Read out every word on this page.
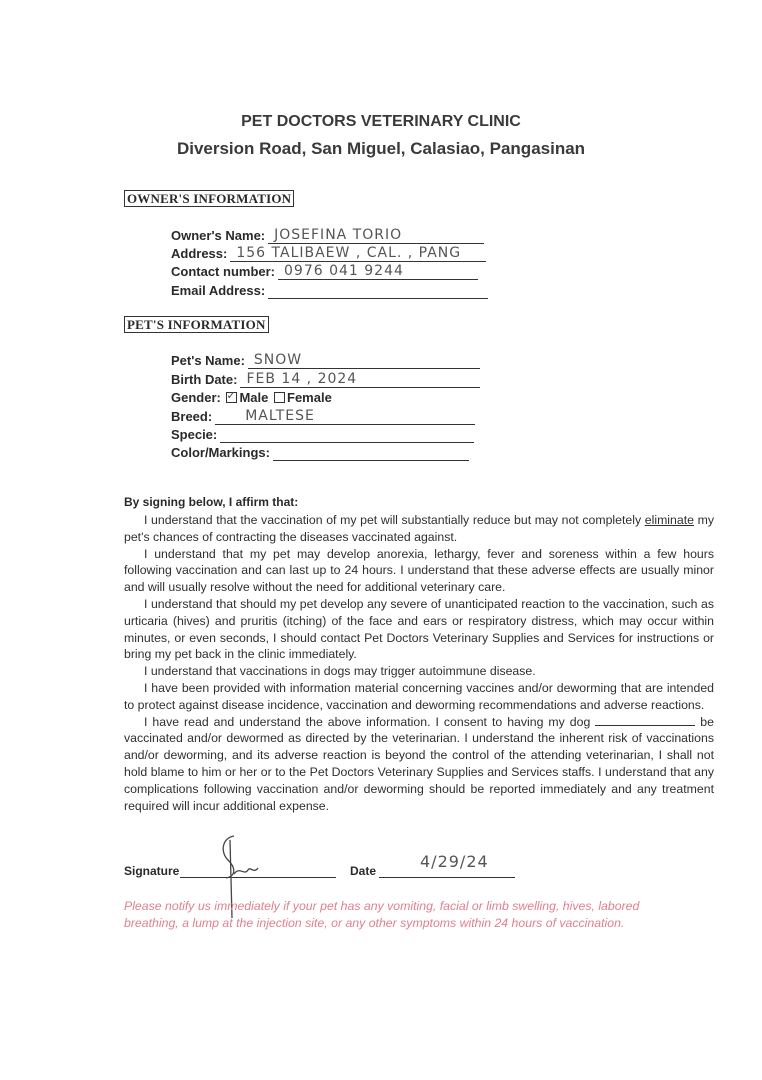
PET DOCTORS VETERINARY CLINIC
Diversion Road, San Miguel, Calasiao, Pangasinan
OWNER'S INFORMATION
Owner's Name: JOSEFINA TORIO
Address: 156 TALIBAEW , CAL. , PANG
Contact number: 0976 041 9244
Email Address:
PET'S INFORMATION
Pet's Name: SNOW
Birth Date: FEB 14 , 2024
Gender: ✓ Male Female
Breed: MALTESE
Specie:
Color/Markings:
By signing below, I affirm that:

I understand that the vaccination of my pet will substantially reduce but may not completely eliminate my pet's chances of contracting the diseases vaccinated against.

I understand that my pet may develop anorexia, lethargy, fever and soreness within a few hours following vaccination and can last up to 24 hours. I understand that these adverse effects are usually minor and will usually resolve without the need for additional veterinary care.

I understand that should my pet develop any severe of unanticipated reaction to the vaccination, such as urticaria (hives) and pruritis (itching) of the face and ears or respiratory distress, which may occur within minutes, or even seconds, I should contact Pet Doctors Veterinary Supplies and Services for instructions or bring my pet back in the clinic immediately.

I understand that vaccinations in dogs may trigger autoimmune disease.

I have been provided with information material concerning vaccines and/or deworming that are intended to protect against disease incidence, vaccination and deworming recommendations and adverse reactions.

I have read and understand the above information. I consent to having my dog	be vaccinated and/or dewormed as directed by the veterinarian. I understand the inherent risk of vaccinations and/or deworming, and its adverse reaction is beyond the control of the attending veterinarian, I shall not hold blame to him or her or to the Pet Doctors Veterinary Supplies and Services staffs. I understand that any complications following vaccination and/or deworming should be reported immediately and any treatment required will incur additional expense.

Signature	Date	4/29/24
Please notify us immediately if your pet has any vomiting, facial or limb swelling, hives, labored breathing, a lump at the injection site, or any other symptoms within 24 hours of vaccination.
